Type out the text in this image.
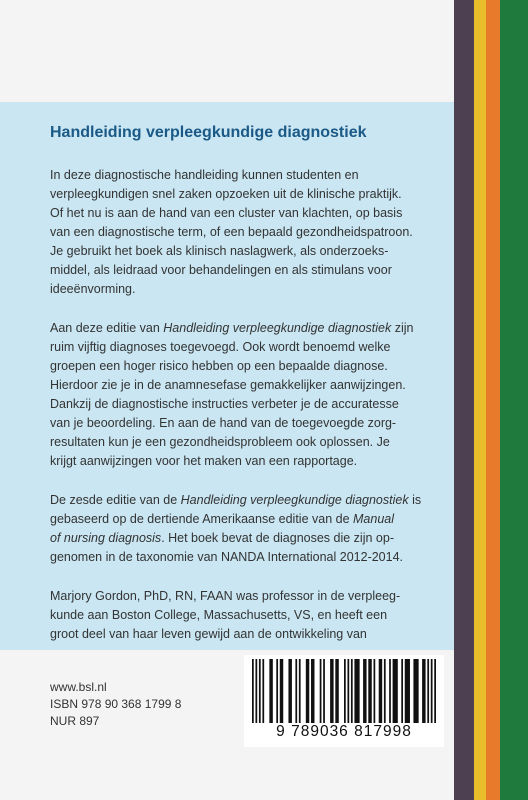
Handleiding verpleegkundige diagnostiek

In deze diagnostische handleiding kunnen studenten en
verpleegkundigen snel zaken opzoeken uit de klinische praktijk.
Of het nu is aan de hand van een cluster van klachten, op basis
van een diagnostische term, of een bepaald gezondheidspatroon.
Je gebruikt het boek als klinisch naslagwerk, als onderzoeks-
middel, als leidraad voor behandelingen en als stimulans voor
ideeënvorming.

Aan deze editie van Handleiding verpleegkundige diagnostiek zijn
ruim vijftig diagnoses toegevoegd. Ook wordt benoemd welke
groepen een hoger risico hebben op een bepaalde diagnose.
Hierdoor zie je in de anamnesefase gemakkelijker aanwijzingen.
Dankzij de diagnostische instructies verbeter je de accuratesse
van je beoordeling. En aan de hand van de toegevoegde zorg-
resultaten kun je een gezondheidsprobleem ook oplossen. Je
krijgt aanwijzingen voor het maken van een rapportage.

De zesde editie van de Handleiding verpleegkundige diagnostiek is
gebaseerd op de dertiende Amerikaanse editie van de Manual
of nursing diagnosis. Het boek bevat de diagnoses die zijn op-
genomen in de taxonomie van NANDA International 2012-2014.

Marjory Gordon, PhD, RN, FAAN was professor in de verpleeg-
kunde aan Boston College, Massachusetts, VS, en heeft een
groot deel van haar leven gewijd aan de ontwikkeling van

www.bsl.nl
ISBN 978 90 368 1799 8
NUR 897
9 789036 817998
